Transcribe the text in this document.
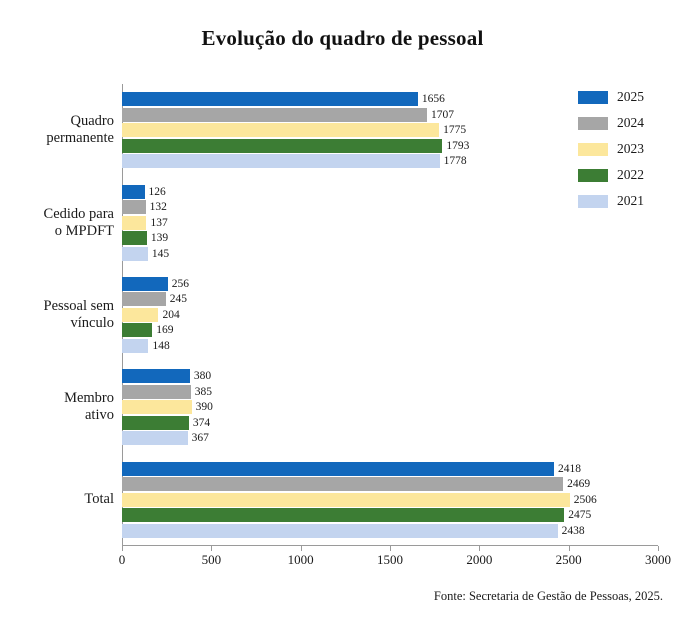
Evolução do quadro de pessoal
Quadro
permanente
Cedido para
o MPDFT
Pessoal sem
vínculo
Membro
ativo
Total
1656
1707
1775
1793
1778
126
132
137
139
145
256
245
204
169
148
380
385
390
374
367
2418
2469
2506
2475
2438
0	500	1000	1500	2000	2500	3000
2025
2024
2023
2022
2021
Fonte: Secretaria de Gestão de Pessoas, 2025.
